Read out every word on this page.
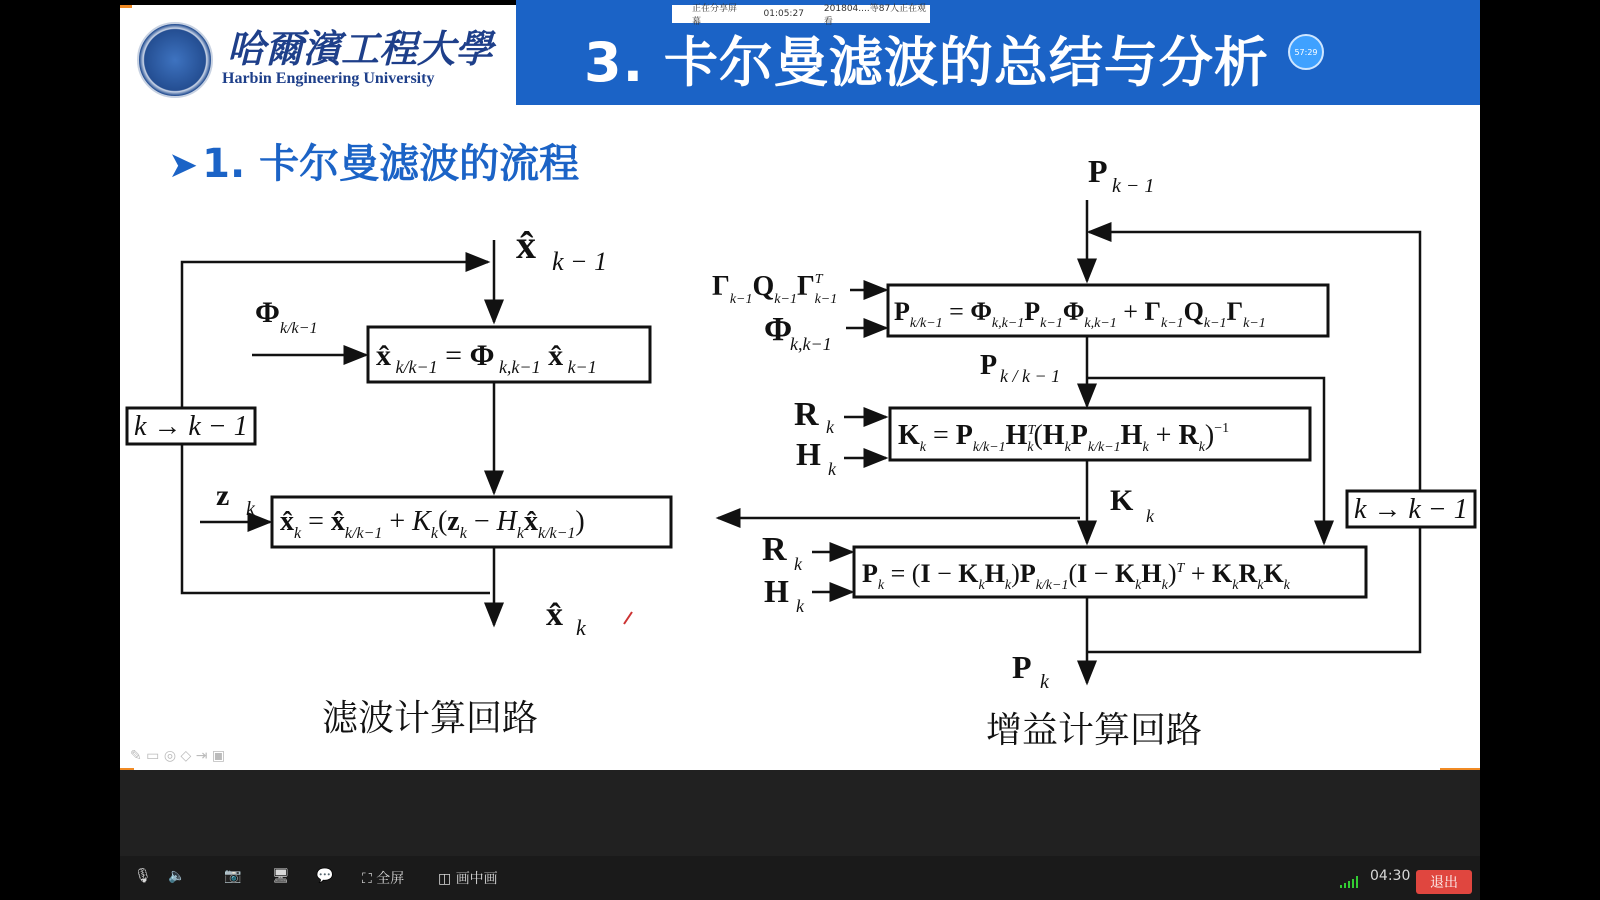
3. 卡尔曼滤波的总结与分析	57:29
正在分享屏幕
01:05:27 201804....等87人正在观看
哈爾濱工程大學
Harbin Engineering University
➤ 1. 卡尔曼滤波的流程
x̂ k − 1
Φ k/k−1
x̂ $_{k/k-1}$ = Φ $_{k,k-1}$ x̂ $_{k-1}$
z k $x̂_k$ = $x̂_{k/k-1} + K_k(z_k$ − $H_kx̂_{k/k-1}$)
x̂ k
k → k − 1
P k − 1
$\Gamma_{k-1}Q_{k-1}\Gamma^T$ k−1
Φ
k,k−1
$P_{k/k-1} = \Phi_{k,k-1}P_{k-1}\Phi_{k,k-1} + \Gamma_{k-1}Q_{k-1}\Gamma_{k-1}$
P k / k − 1
R k
H k
$K_k = P_{k/k-1}H^T$ $k(H_kP_{k/k-1}H_k + R_k)^{-1}$
K k
R k
H k
$P_k = (I - K_kH_k)P_{k/k-1}(I - K_kH_k)^T + K_kR_kK_k$
P k
k → k − 1
滤波计算回路	增益计算回路
✎ ▭ ◎ ◇ ⇥ ▣
🎙 🔈	📷 🖥 💬 ⛶ 全屏 ◫ 画中画	04:30	退出
